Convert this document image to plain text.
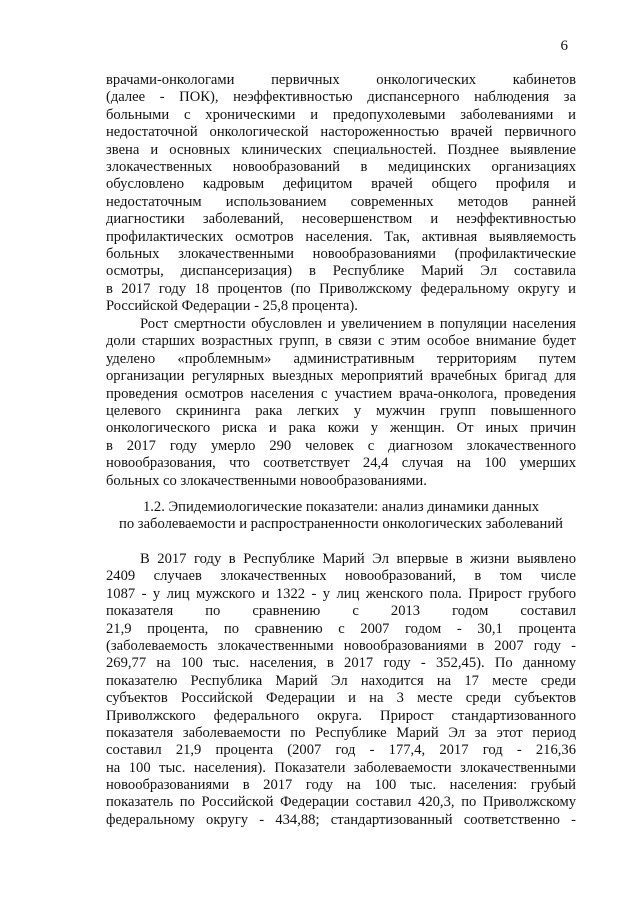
6
врачами-онкологами первичных онкологических кабинетов
(далее - ПОК), неэффективностью диспансерного наблюдения за
больными с хроническими и предопухолевыми заболеваниями и
недостаточной онкологической настороженностью врачей первичного
звена и основных клинических специальностей. Позднее выявление
злокачественных новообразований в медицинских организациях
обусловлено кадровым дефицитом врачей общего профиля и
недостаточным использованием современных методов ранней
диагностики заболеваний, несовершенством и неэффективностью
профилактических осмотров населения. Так, активная выявляемость
больных злокачественными новообразованиями (профилактические
осмотры, диспансеризация) в Республике Марий Эл составила
в 2017 году 18 процентов (по Приволжскому федеральному округу и
Российской Федерации - 25,8 процента).
Рост смертности обусловлен и увеличением в популяции населения
доли старших возрастных групп, в связи с этим особое внимание будет
уделено «проблемным» административным территориям путем
организации регулярных выездных мероприятий врачебных бригад для
проведения осмотров населения с участием врача-онколога, проведения
целевого скрининга рака легких у мужчин групп повышенного
онкологического риска и рака кожи у женщин. От иных причин
в 2017 году умерло 290 человек с диагнозом злокачественного
новообразования, что соответствует 24,4 случая на 100 умерших
больных со злокачественными новообразованиями.
1.2. Эпидемиологические показатели: анализ динамики данных
по заболеваемости и распространенности онкологических заболеваний
В 2017 году в Республике Марий Эл впервые в жизни выявлено
2409 случаев злокачественных новообразований, в том числе
1087 - у лиц мужского и 1322 - у лиц женского пола. Прирост грубого
показателя по сравнению с 2013 годом составил
21,9 процента, по сравнению с 2007 годом - 30,1 процента
(заболеваемость злокачественными новообразованиями в 2007 году -
269,77 на 100 тыс. населения, в 2017 году - 352,45). По данному
показателю Республика Марий Эл находится на 17 месте среди
субъектов Российской Федерации и на 3 месте среди субъектов
Приволжского федерального округа. Прирост стандартизованного
показателя заболеваемости по Республике Марий Эл за этот период
составил 21,9 процента (2007 год - 177,4, 2017 год - 216,36
на 100 тыс. населения). Показатели заболеваемости злокачественными
новообразованиями в 2017 году на 100 тыс. населения: грубый
показатель по Российской Федерации составил 420,3, по Приволжскому
федеральному округу - 434,88; стандартизованный соответственно -
